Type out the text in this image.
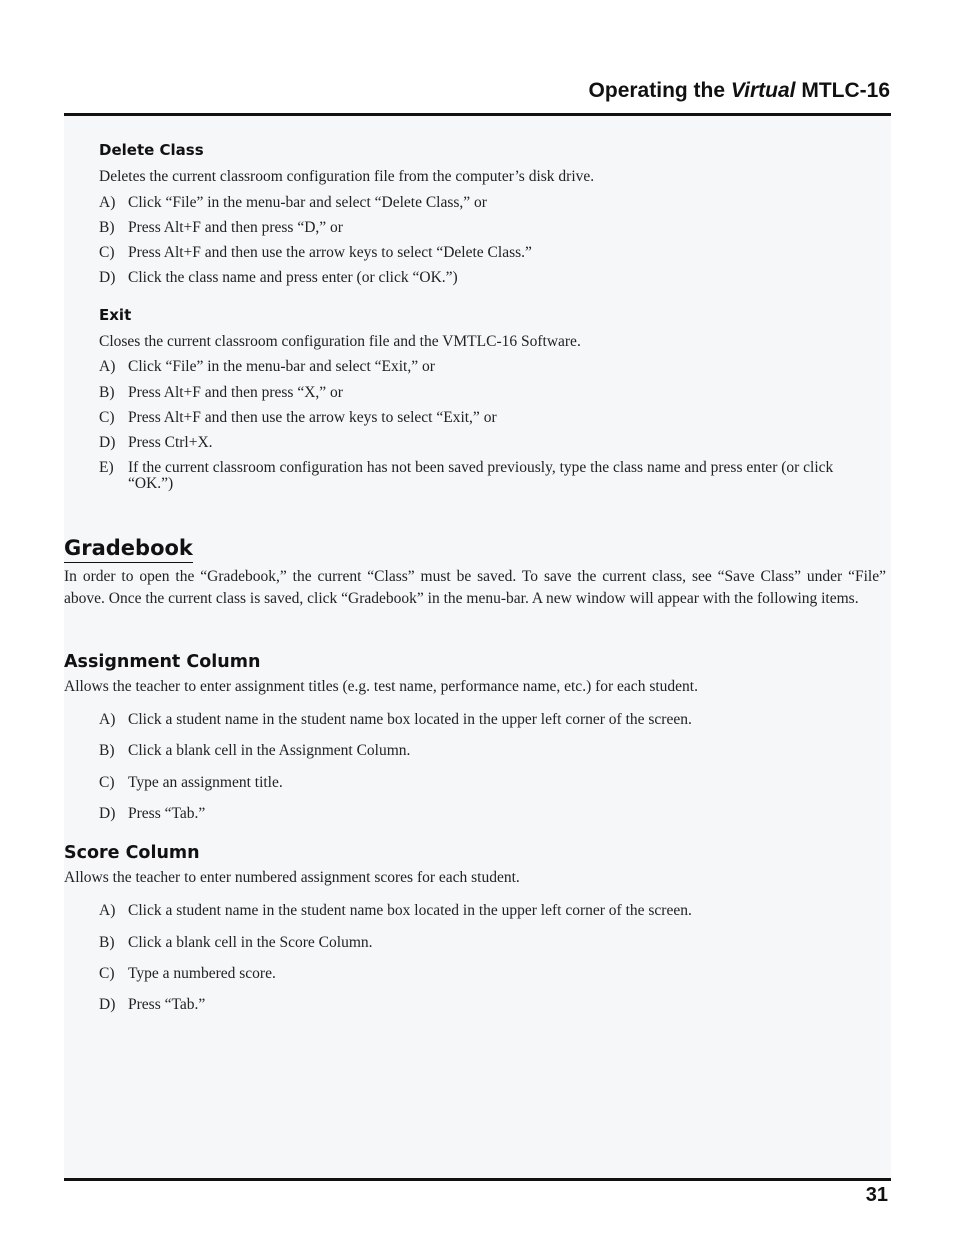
Operating the Virtual MTLC-16
Delete Class
Deletes the current classroom configuration file from the computer’s disk drive.
A) Click “File” in the menu-bar and select “Delete Class,” or
B) Press Alt+F and then press “D,” or
C) Press Alt+F and then use the arrow keys to select “Delete Class.”
D) Click the class name and press enter (or click “OK.”)
Exit
Closes the current classroom configuration file and the VMTLC-16 Software.
A) Click “File” in the menu-bar and select “Exit,” or
B) Press Alt+F and then press “X,” or
C) Press Alt+F and then use the arrow keys to select “Exit,” or
D) Press Ctrl+X.
E) If the current classroom configuration has not been saved previously, type the class name and press enter (or click “OK.”)
Gradebook
In order to open the “Gradebook,” the current “Class” must be saved. To save the current class, see “Save Class” under “File” above. Once the current class is saved, click “Gradebook” in the menu-bar. A new window will appear with the following items.
Assignment Column
Allows the teacher to enter assignment titles (e.g. test name, performance name, etc.) for each student.
A) Click a student name in the student name box located in the upper left corner of the screen.
B) Click a blank cell in the Assignment Column.
C) Type an assignment title.
D) Press “Tab.”
Score Column
Allows the teacher to enter numbered assignment scores for each student.
A) Click a student name in the student name box located in the upper left corner of the screen.
B) Click a blank cell in the Score Column.
C) Type a numbered score.
D) Press “Tab.”
31
